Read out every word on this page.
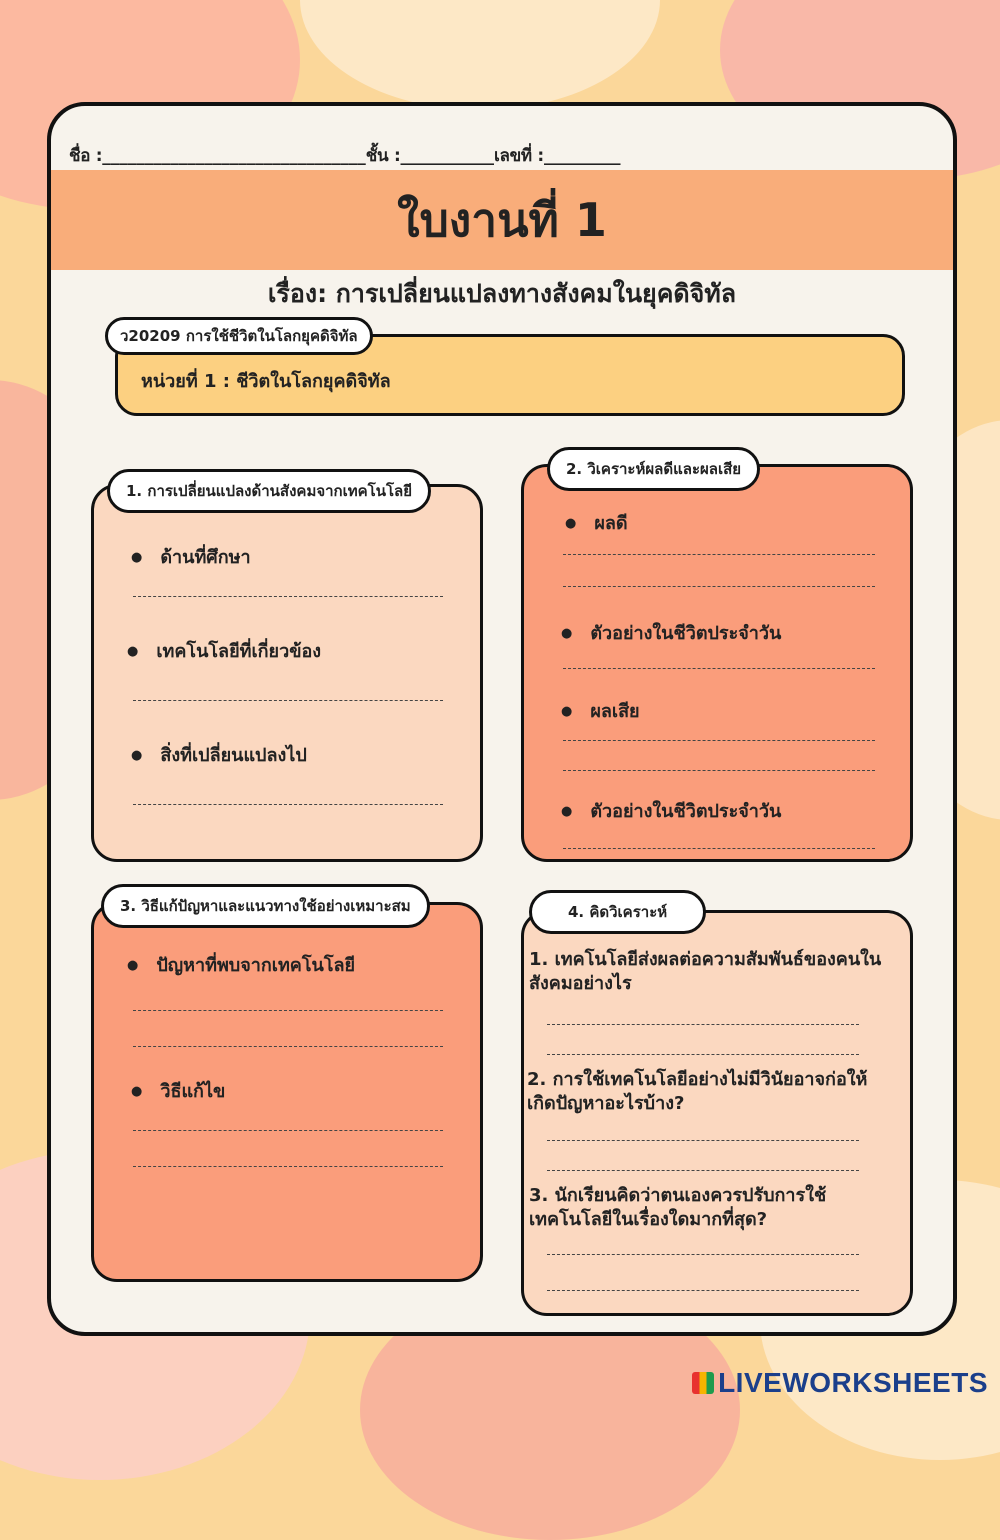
ชื่อ :_______________________________ชั้น :___________เลขที่ :_________
ใบงานที่ 1
เรื่อง: การเปลี่ยนแปลงทางสังคมในยุคดิจิทัล
ว20209 การใช้ชีวิตในโลกยุคดิจิทัล
หน่วยที่ 1 : ชีวิตในโลกยุคดิจิทัล
1. การเปลี่ยนแปลงด้านสังคมจากเทคโนโลยี
● ด้านที่ศึกษา
● เทคโนโลยีที่เกี่ยวข้อง
● สิ่งที่เปลี่ยนแปลงไป
2. วิเคราะห์ผลดีและผลเสีย
● ผลดี
● ตัวอย่างในชีวิตประจำวัน
● ผลเสีย
● ตัวอย่างในชีวิตประจำวัน
3. วิธีแก้ปัญหาและแนวทางใช้อย่างเหมาะสม
● ปัญหาที่พบจากเทคโนโลยี
● วิธีแก้ไข
4. คิดวิเคราะห์
1. เทคโนโลยีส่งผลต่อความสัมพันธ์ของคนในสังคมอย่างไร
2. การใช้เทคโนโลยีอย่างไม่มีวินัยอาจก่อให้เกิดปัญหาอะไรบ้าง?
3. นักเรียนคิดว่าตนเองควรปรับการใช้เทคโนโลยีในเรื่องใดมากที่สุด?
LIVEWORKSHEETS
